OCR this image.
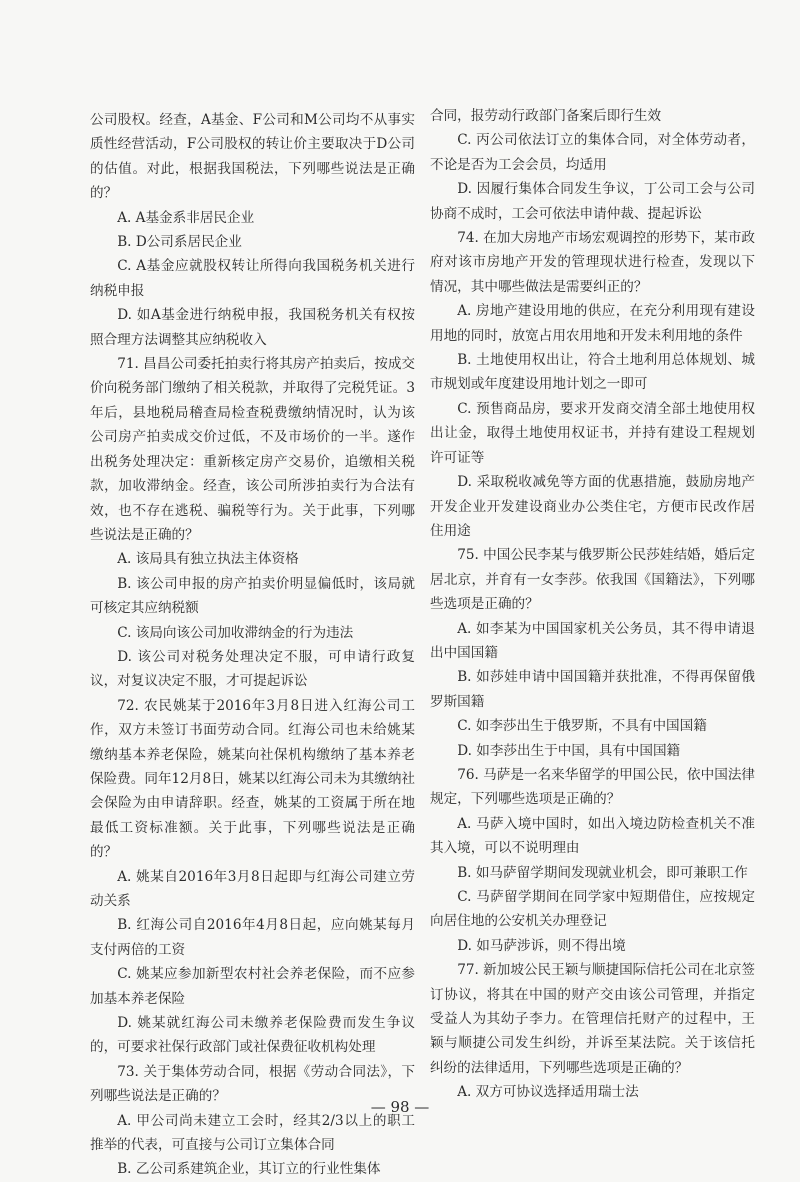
公司股权。经查，A基金、F公司和M公司均不从事实质性经营活动，F公司股权的转让价主要取决于D公司的估值。对此，根据我国税法，下列哪些说法是正确的？

A. A基金系非居民企业

B. D公司系居民企业

C. A基金应就股权转让所得向我国税务机关进行纳税申报

D. 如A基金进行纳税申报，我国税务机关有权按照合理方法调整其应纳税收入

71. 昌昌公司委托拍卖行将其房产拍卖后，按成交价向税务部门缴纳了相关税款，并取得了完税凭证。3年后，县地税局稽查局检查税费缴纳情况时，认为该公司房产拍卖成交价过低，不及市场价的一半。遂作出税务处理决定：重新核定房产交易价，追缴相关税款，加收滞纳金。经查，该公司所涉拍卖行为合法有效，也不存在逃税、骗税等行为。关于此事，下列哪些说法是正确的？

A. 该局具有独立执法主体资格

B. 该公司申报的房产拍卖价明显偏低时，该局就可核定其应纳税额

C. 该局向该公司加收滞纳金的行为违法

D. 该公司对税务处理决定不服，可申请行政复议，对复议决定不服，才可提起诉讼

72. 农民姚某于2016年3月8日进入红海公司工作，双方未签订书面劳动合同。红海公司也未给姚某缴纳基本养老保险，姚某向社保机构缴纳了基本养老保险费。同年12月8日，姚某以红海公司未为其缴纳社会保险为由申请辞职。经查，姚某的工资属于所在地最低工资标准额。关于此事，下列哪些说法是正确的？

A. 姚某自2016年3月8日起即与红海公司建立劳动关系

B. 红海公司自2016年4月8日起，应向姚某每月支付两倍的工资

C. 姚某应参加新型农村社会养老保险，而不应参加基本养老保险

D. 姚某就红海公司未缴养老保险费而发生争议的，可要求社保行政部门或社保费征收机构处理

73. 关于集体劳动合同，根据《劳动合同法》，下列哪些说法是正确的？

A. 甲公司尚未建立工会时，经其2/3以上的职工推举的代表，可直接与公司订立集体合同

B. 乙公司系建筑企业，其订立的行业性集体

合同，报劳动行政部门备案后即行生效

C. 丙公司依法订立的集体合同，对全体劳动者，不论是否为工会会员，均适用

D. 因履行集体合同发生争议，丁公司工会与公司协商不成时，工会可依法申请仲裁、提起诉讼

74. 在加大房地产市场宏观调控的形势下，某市政府对该市房地产开发的管理现状进行检查，发现以下情况，其中哪些做法是需要纠正的？

A. 房地产建设用地的供应，在充分利用现有建设用地的同时，放宽占用农用地和开发未利用地的条件

B. 土地使用权出让，符合土地利用总体规划、城市规划或年度建设用地计划之一即可

C. 预售商品房，要求开发商交清全部土地使用权出让金，取得土地使用权证书，并持有建设工程规划许可证等

D. 采取税收减免等方面的优惠措施，鼓励房地产开发企业开发建设商业办公类住宅，方便市民改作居住用途

75. 中国公民李某与俄罗斯公民莎娃结婚，婚后定居北京，并育有一女李莎。依我国《国籍法》，下列哪些选项是正确的？

A. 如李某为中国国家机关公务员，其不得申请退出中国国籍

B. 如莎娃申请中国国籍并获批准，不得再保留俄罗斯国籍

C. 如李莎出生于俄罗斯，不具有中国国籍

D. 如李莎出生于中国，具有中国国籍

76. 马萨是一名来华留学的甲国公民，依中国法律规定，下列哪些选项是正确的？

A. 马萨入境中国时，如出入境边防检查机关不准其入境，可以不说明理由

B. 如马萨留学期间发现就业机会，即可兼职工作

C. 马萨留学期间在同学家中短期借住，应按规定向居住地的公安机关办理登记

D. 如马萨涉诉，则不得出境

77. 新加坡公民王颖与顺捷国际信托公司在北京签订协议，将其在中国的财产交由该公司管理，并指定受益人为其幼子李力。在管理信托财产的过程中，王颖与顺捷公司发生纠纷，并诉至某法院。关于该信托纠纷的法律适用，下列哪些选项是正确的？

A. 双方可协议选择适用瑞士法

— 98 —
